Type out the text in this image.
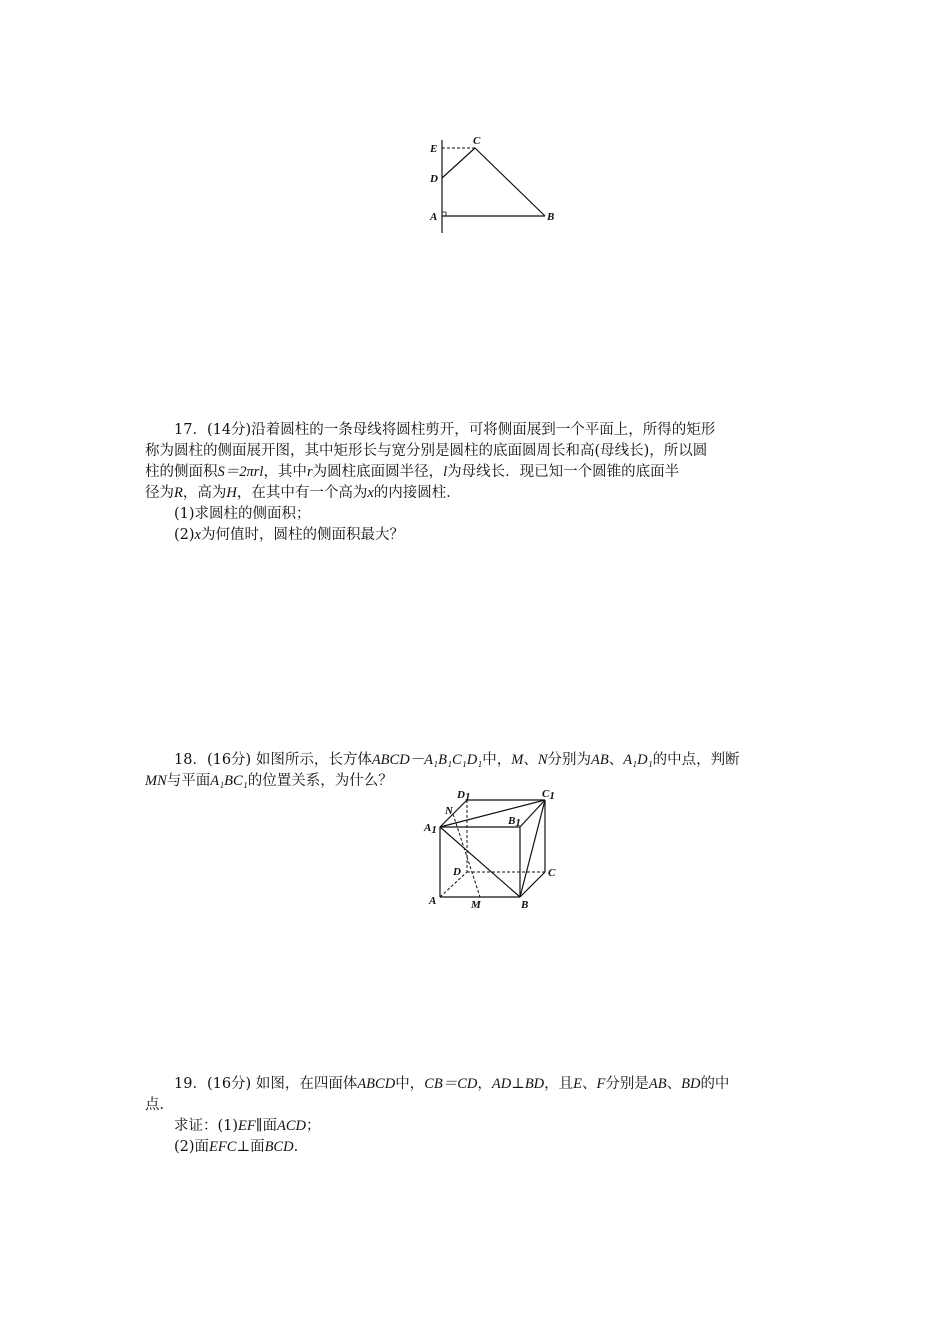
E
C
D
A	B
17．(14分)沿着圆柱的一条母线将圆柱剪开，可将侧面展到一个平面上，所得的矩形
称为圆柱的侧面展开图，其中矩形长与宽分别是圆柱的底面圆周长和高(母线长)，所以圆
柱的侧面积S＝2πrl，其中r为圆柱底面圆半径，l为母线长．现已知一个圆锥的底面半
径为R，高为H，在其中有一个高为x的内接圆柱．
(1)求圆柱的侧面积；
(2)x为何值时，圆柱的侧面积最大？
18．(16分) 如图所示，长方体ABCD－A₁B₁C₁D₁中，M、N分别为AB、A₁D₁的中点，判断
MN与平面A₁BC₁的位置关系，为什么？
D1	C1
N
A1
B1
D	C
A	M	B
19．(16分) 如图，在四面体ABCD中，CB＝CD，AD⊥BD，且E、F分别是AB、BD的中
点．
求证：(1)EF∥面ACD；
(2)面EFC⊥面BCD.
